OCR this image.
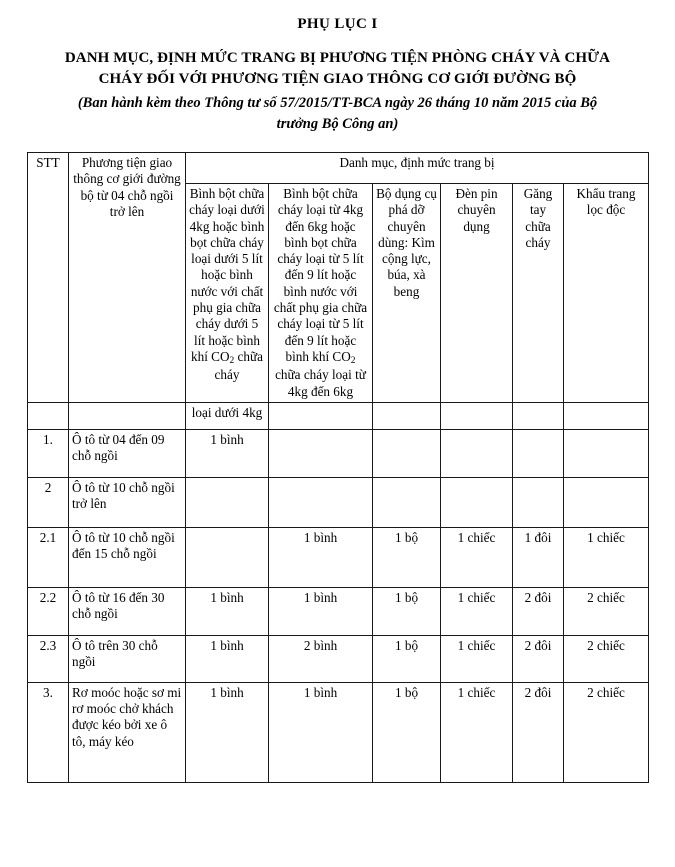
PHỤ LỤC I
DANH MỤC, ĐỊNH MỨC TRANG BỊ PHƯƠNG TIỆN PHÒNG CHÁY VÀ CHỮA CHÁY ĐỐI VỚI PHƯƠNG TIỆN GIAO THÔNG CƠ GIỚI ĐƯỜNG BỘ
(Ban hành kèm theo Thông tư số 57/2015/TT-BCA ngày 26 tháng 10 năm 2015 của Bộ trưởng Bộ Công an)
STT	Phương tiện giao thông cơ giới đường bộ từ 04 chỗ ngồi trở lên	Danh mục, định mức trang bị					
		Bình bột chữa cháy loại dưới 4kg hoặc bình bọt chữa cháy loại dưới 5 lít hoặc bình nước với chất phụ gia chữa cháy dưới 5 lít hoặc bình khí $CO_2$ chữa cháy	Bình bột chữa cháy loại từ 4kg đến 6kg hoặc bình bọt chữa cháy loại từ 5 lít đến 9 lít hoặc bình nước với chất phụ gia chữa cháy loại từ 5 lít đến 9 lít hoặc bình khí $CO_2$ chữa cháy loại từ 4kg đến 6kg	Bộ dụng cụ phá dỡ chuyên dùng: Kìm cộng lực, búa, xà beng	Đèn pin chuyên dụng	Găng tay chữa cháy	Khẩu trang lọc độc
		loại dưới 4kg					
1.	Ô tô từ 04 đến 09 chỗ ngồi	1 bình					
2	Ô tô từ 10 chỗ ngồi trở lên						
2.1	Ô tô từ 10 chỗ ngồi đến 15 chỗ ngồi		1 bình	1 bộ	1 chiếc	1 đôi	1 chiếc
2.2	Ô tô từ 16 đến 30 chỗ ngồi	1 bình	1 bình	1 bộ	1 chiếc	2 đôi	2 chiếc
2.3	Ô tô trên 30 chỗ ngồi	1 bình	2 bình	1 bộ	1 chiếc	2 đôi	2 chiếc
3.	Rơ moóc hoặc sơ mi rơ moóc chở khách được kéo bởi xe ô tô, máy kéo	1 bình	1 bình	1 bộ	1 chiếc	2 đôi	2 chiếc
